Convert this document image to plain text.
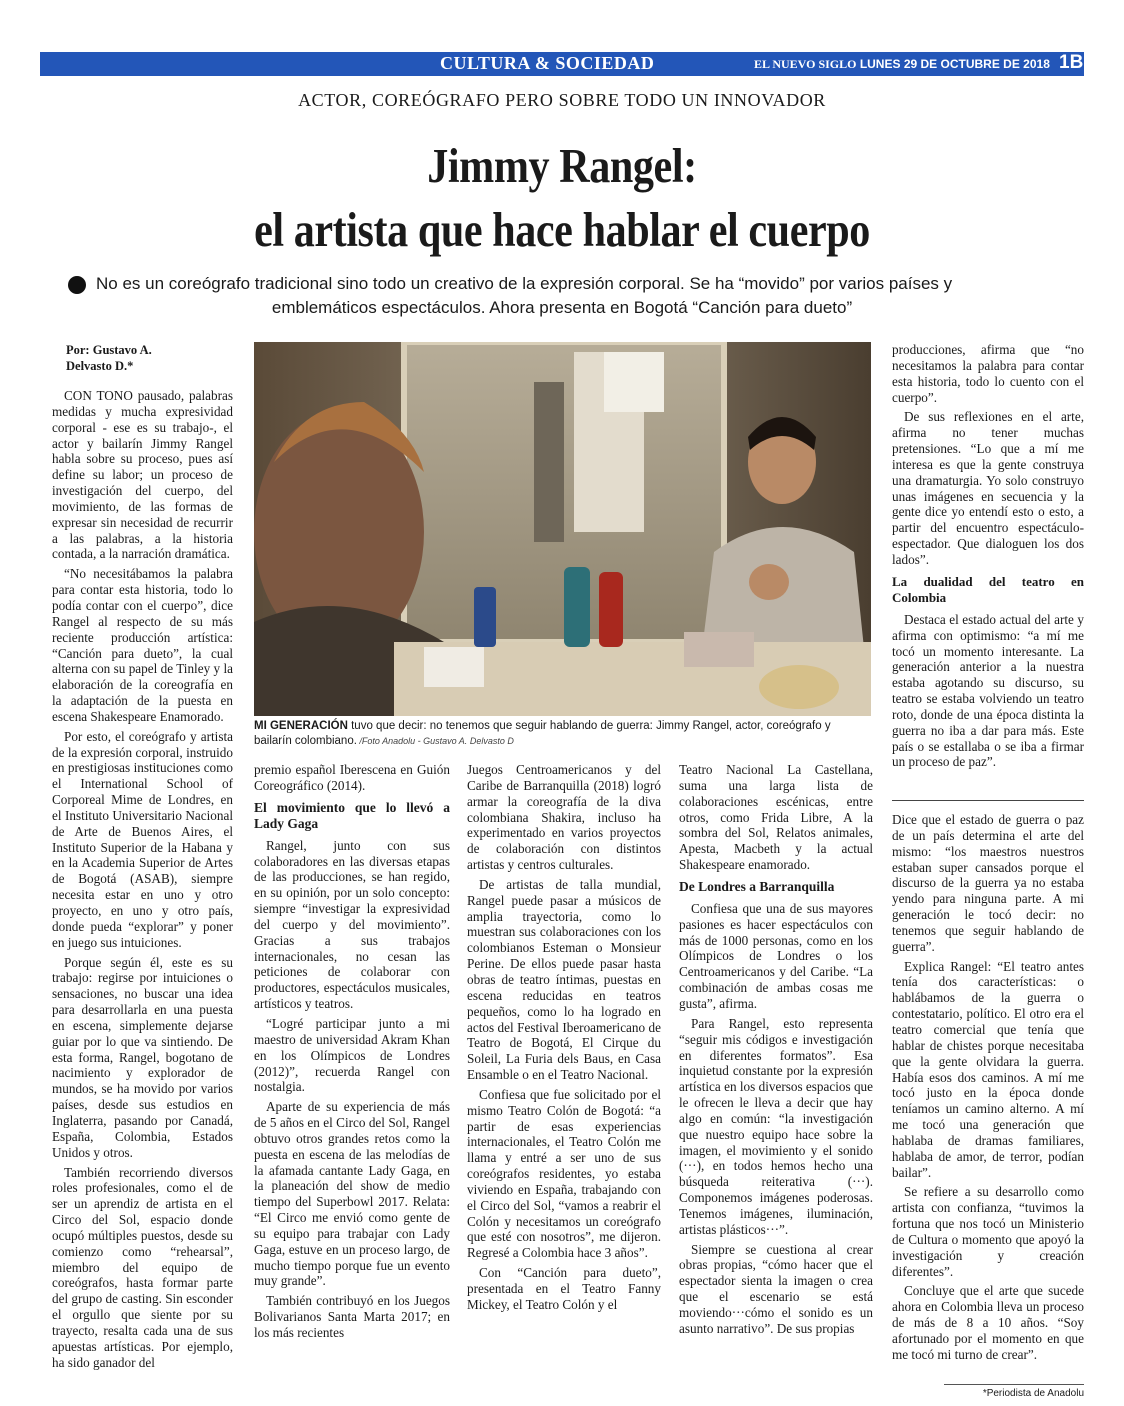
CULTURA & SOCIEDAD	EL NUEVO SIGLO LUNES 29 DE OCTUBRE DE 2018 1B
ACTOR, COREÓGRAFO PERO SOBRE TODO UN INNOVADOR
Jimmy Rangel:
el artista que hace hablar el cuerpo
No es un coreógrafo tradicional sino todo un creativo de la expresión corporal. Se ha “movido” por varios países y
emblemáticos espectáculos. Ahora presenta en Bogotá “Canción para dueto”
Por: Gustavo A.
Delvasto D.*

CON TONO pausado, palabras medidas y mucha expresividad corporal - ese es su trabajo-, el actor y bailarín Jimmy Rangel habla sobre su proceso, pues así define su labor; un proceso de investigación del cuerpo, del movimiento, de las formas de expresar sin necesidad de recurrir a las palabras, a la historia contada, a la narración dramática.

“No necesitábamos la palabra para contar esta historia, todo lo podía contar con el cuerpo”, dice Rangel al respecto de su más reciente producción artística: “Canción para dueto”, la cual alterna con su papel de Tinley y la elaboración de la coreografía en la adaptación de la puesta en escena Shakespeare Enamorado.

Por esto, el coreógrafo y artista de la expresión corporal, instruido en prestigiosas instituciones como el International School of Corporeal Mime de Londres, en el Instituto Universitario Nacional de Arte de Buenos Aires, el Instituto Superior de la Habana y en la Academia Superior de Artes de Bogotá (ASAB), siempre necesita estar en uno y otro proyecto, en uno y otro país, donde pueda “explorar” y poner en juego sus intuiciones.

Porque según él, este es su trabajo: regirse por intuiciones o sensaciones, no buscar una idea para desarrollarla en una puesta en escena, simplemente dejarse guiar por lo que va sintiendo. De esta forma, Rangel, bogotano de nacimiento y explorador de mundos, se ha movido por varios países, desde sus estudios en Inglaterra, pasando por Canadá, España, Colombia, Estados Unidos y otros.

También recorriendo diversos roles profesionales, como el de ser un aprendiz de artista en el Circo del Sol, espacio donde ocupó múltiples puestos, desde su comienzo como “rehearsal”, miembro del equipo de coreógrafos, hasta formar parte del grupo de casting. Sin esconder el orgullo que siente por su trayecto, resalta cada una de sus apuestas artísticas. Por ejemplo, ha sido ganador del

MI GENERACIÓN tuvo que decir: no tenemos que seguir hablando de guerra: Jimmy Rangel, actor, coreógrafo y bailarín colombiano. /Foto Anadolu - Gustavo A. Delvasto D

premio español Iberescena en Guión Coreográfico (2014).

El movimiento que lo llevó a Lady Gaga

Rangel, junto con sus colaboradores en las diversas etapas de las producciones, se han regido, en su opinión, por un solo concepto: siempre “investigar la expresividad del cuerpo y del movimiento”. Gracias a sus trabajos internacionales, no cesan las peticiones de colaborar con productores, espectáculos musicales, artísticos y teatros.

“Logré participar junto a mi maestro de universidad Akram Khan en los Olímpicos de Londres (2012)”, recuerda Rangel con nostalgia.

Aparte de su experiencia de más de 5 años en el Circo del Sol, Rangel obtuvo otros grandes retos como la puesta en escena de las melodías de la afamada cantante Lady Gaga, en la planeación del show de medio tiempo del Superbowl 2017. Relata: “El Circo me envió como gente de su equipo para trabajar con Lady Gaga, estuve en un proceso largo, de mucho tiempo porque fue un evento muy grande”.

También contribuyó en los Juegos Bolivarianos Santa Marta 2017; en los más recientes

Juegos Centroamericanos y del Caribe de Barranquilla (2018) logró armar la coreografía de la diva colombiana Shakira, incluso ha experimentado en varios proyectos de colaboración con distintos artistas y centros culturales.

De artistas de talla mundial, Rangel puede pasar a músicos de amplia trayectoria, como lo muestran sus colaboraciones con los colombianos Esteman o Monsieur Perine. De ellos puede pasar hasta obras de teatro íntimas, puestas en escena reducidas en teatros pequeños, como lo ha logrado en actos del Festival Iberoamericano de Teatro de Bogotá, El Cirque du Soleil, La Furia dels Baus, en Casa Ensamble o en el Teatro Nacional.

Confiesa que fue solicitado por el mismo Teatro Colón de Bogotá: “a partir de esas experiencias internacionales, el Teatro Colón me llama y entré a ser uno de sus coreógrafos residentes, yo estaba viviendo en España, trabajando con el Circo del Sol, “vamos a reabrir el Colón y necesitamos un coreógrafo que esté con nosotros”, me dijeron. Regresé a Colombia hace 3 años”.

Con “Canción para dueto”, presentada en el Teatro Fanny Mickey, el Teatro Colón y el

Teatro Nacional La Castellana, suma una larga lista de colaboraciones escénicas, entre otros, como Frida Libre, A la sombra del Sol, Relatos animales, Apesta, Macbeth y la actual Shakespeare enamorado.

De Londres a Barranquilla

Confiesa que una de sus mayores pasiones es hacer espectáculos con más de 1000 personas, como en los Olímpicos de Londres o los Centroamericanos y del Caribe. “La combinación de ambas cosas me gusta”, afirma.

Para Rangel, esto representa “seguir mis códigos e investigación en diferentes formatos”. Esa inquietud constante por la expresión artística en los diversos espacios que le ofrecen le lleva a decir que hay algo en común: “la investigación que nuestro equipo hace sobre la imagen, el movimiento y el sonido (···), en todos hemos hecho una búsqueda reiterativa (···). Componemos imágenes poderosas. Tenemos imágenes, iluminación, artistas plásticos···”.

Siempre se cuestiona al crear obras propias, “cómo hacer que el espectador sienta la imagen o crea que el escenario se está moviendo···cómo el sonido es un asunto narrativo”. De sus propias

producciones, afirma que “no necesitamos la palabra para contar esta historia, todo lo cuento con el cuerpo”.

De sus reflexiones en el arte, afirma no tener muchas pretensiones. “Lo que a mí me interesa es que la gente construya una dramaturgia. Yo solo construyo unas imágenes en secuencia y la gente dice yo entendí esto o esto, a partir del encuentro espectáculo-espectador. Que dialoguen los dos lados”.

La dualidad del teatro en Colombia

Destaca el estado actual del arte y afirma con optimismo: “a mí me tocó un momento interesante. La generación anterior a la nuestra estaba agotando su discurso, su teatro se estaba volviendo un teatro roto, donde de una época distinta la guerra no iba a dar para más. Este país o se estallaba o se iba a firmar un proceso de paz”.

Dice que el estado de guerra o paz de un país determina el arte del mismo: “los maestros nuestros estaban super cansados porque el discurso de la guerra ya no estaba yendo para ninguna parte. A mi generación le tocó decir: no tenemos que seguir hablando de guerra”.

Explica Rangel: “El teatro antes tenía dos características: o hablábamos de la guerra o contestatario, político. El otro era el teatro comercial que tenía que hablar de chistes porque necesitaba que la gente olvidara la guerra. Había esos dos caminos. A mí me tocó justo en la época donde teníamos un camino alterno. A mí me tocó una generación que hablaba de dramas familiares, hablaba de amor, de terror, podían bailar”.

Se refiere a su desarrollo como artista con confianza, “tuvimos la fortuna que nos tocó un Ministerio de Cultura o momento que apoyó la investigación y creación diferentes”.

Concluye que el arte que sucede ahora en Colombia lleva un proceso de más de 8 a 10 años. “Soy afortunado por el momento en que me tocó mi turno de crear”.

*Periodista de Anadolu
